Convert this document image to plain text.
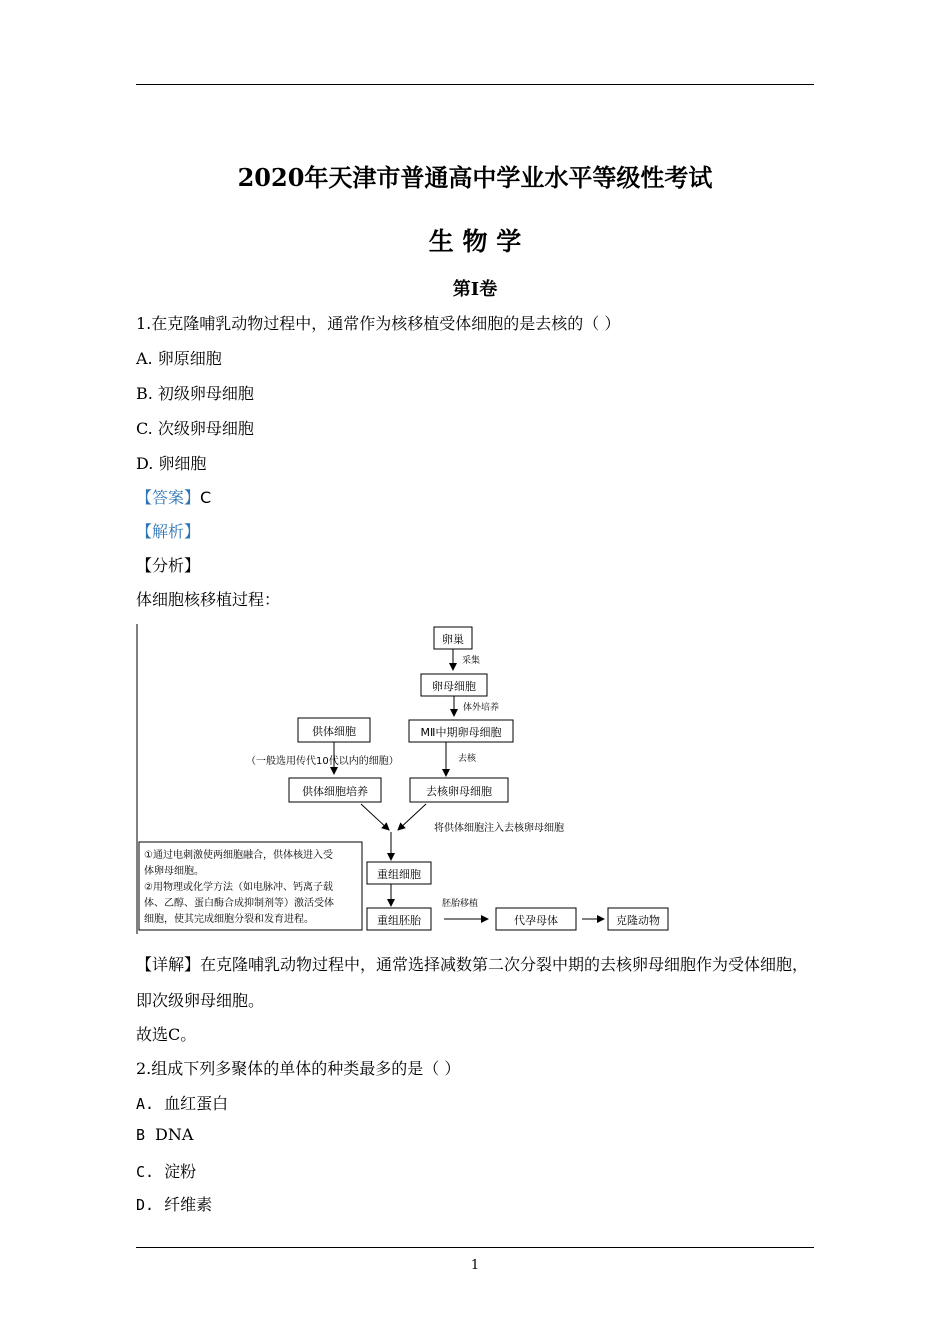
2020年天津市普通高中学业水平等级性考试
生 物 学
第Ⅰ卷
1.在克隆哺乳动物过程中，通常作为核移植受体细胞的是去核的（ ）
A. 卵原细胞
B. 初级卵母细胞
C. 次级卵母细胞
D. 卵细胞
【答案】C
【解析】
【分析】
体细胞核移植过程：
卵巢
采集
卵母细胞
体外培养
供体细胞	MⅡ中期卵母细胞
（一般选用传代10代以内的细胞）	去核
供体细胞培养	去核卵母细胞
将供体细胞注入去核卵母细胞
①通过电刺激使两细胞融合，供体核进入受
体卵母细胞。
②用物理或化学方法（如电脉冲、钙离子载
体、乙醇、蛋白酶合成抑制剂等）激活受体
细胞，使其完成细胞分裂和发育进程。
重组细胞
重组胚胎
胚胎移植
代孕母体	克隆动物
【详解】在克隆哺乳动物过程中，通常选择减数第二次分裂中期的去核卵母细胞作为受体细胞，
即次级卵母细胞。
故选C。
2.组成下列多聚体的单体的种类最多的是（ ）
A. 血红蛋白
B DNA
C. 淀粉
D. 纤维素
1
